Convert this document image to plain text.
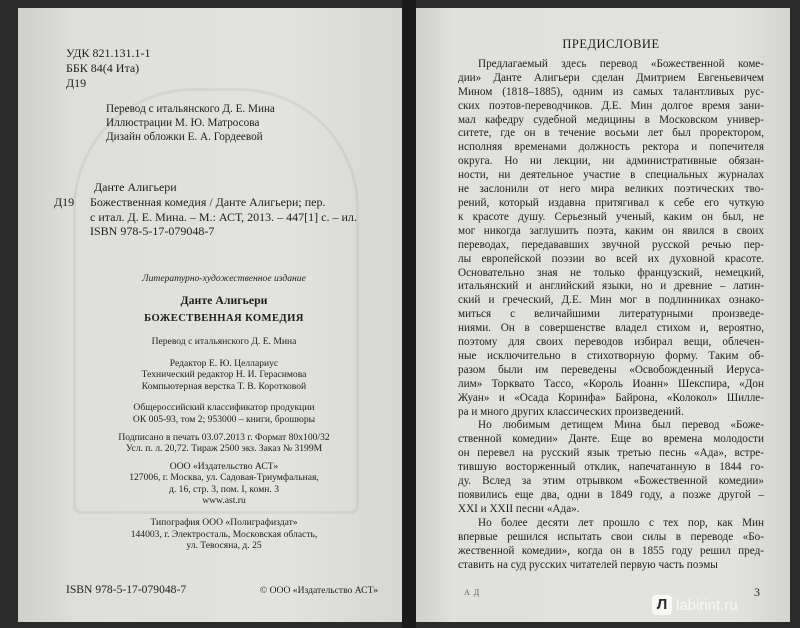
УДК 821.131.1-1
ББК 84(4 Ита)
Д19
Перевод с итальянского Д. Е. Мина
Иллюстрации М. Ю. Матросова
Дизайн обложки Е. А. Гордеевой
Данте Алигьери
Д19 Божественная комедия / Данте Алигьери; пер.
с итал. Д. Е. Мина. – М.: АСТ, 2013. – 447[1] с. – ил.
ISBN 978-5-17-079048-7
Литературно-художественное издание
Данте Алигьери
БОЖЕСТВЕННАЯ КОМЕДИЯ
Перевод с итальянского Д. Е. Мина
Редактор Е. Ю. Целлариус
Технический редактор Н. И. Герасимова
Компьютерная верстка Т. В. Коротковой
Общероссийский классификатор продукции
ОК 005-93, том 2; 953000 – книги, брошюры
Подписано в печать 03.07.2013 г. Формат 80x100/32
Усл. п. л. 20,72. Тираж 2500 экз. Заказ № 3199М
ООО «Издательство АСТ»
127006, г. Москва, ул. Садовая-Триумфальная,
д. 16, стр. 3, пом. I, комн. 3
www.ast.ru
Типография ООО «Полиграфиздат»
144003, г. Электросталь, Московская область,
ул. Тевосяна, д. 25
ISBN 978-5-17-079048-7	© ООО «Издательство АСТ»
ПРЕДИСЛОВИЕ
Предлагаемый здесь перевод «Божественной коме-
дии» Данте Алигьери сделан Дмитрием Евгеньевичем
Мином (1818–1885), одним из самых талантливых рус-
ских поэтов-переводчиков. Д.Е. Мин долгое время зани-
мал кафедру судебной медицины в Московском универ-
ситете, где он в течение восьми лет был проректором,
исполняя временами должность ректора и попечителя
округа. Но ни лекции, ни административные обязан-
ности, ни деятельное участие в специальных журналах
не заслонили от него мира великих поэтических тво-
рений, который издавна притягивал к себе его чуткую
к красоте душу. Серьезный ученый, каким он был, не
мог никогда заглушить поэта, каким он явился в своих
переводах, передававших звучной русской речью пер-
лы европейской поэзии во всей их духовной красоте.
Основательно зная не только французский, немецкий,
итальянский и английский языки, но и древние – латин-
ский и греческий, Д.Е. Мин мог в подлинниках ознако-
миться с величайшими литературными произведе-
ниями. Он в совершенстве владел стихом и, вероятно,
поэтому для своих переводов избирал вещи, облечен-
ные исключительно в стихотворную форму. Таким об-
разом были им переведены «Освобожденный Иеруса-
лим» Торквато Тассо, «Король Иоанн» Шекспира, «Дон
Жуан» и «Осада Коринфа» Байрона, «Колокол» Шилле-
ра и много других классических произведений.
Но любимым детищем Мина был перевод «Боже-
ственной комедии» Данте. Еще во времена молодости
он перевел на русский язык третью песнь «Ада», встре-
тившую восторженный отклик, напечатанную в 1844 го-
ду. Вслед за этим отрывком «Божественной комедии»
появились еще два, одни в 1849 году, а позже другой –
XXI и XXII песни «Ада».
Но более десяти лет прошло с тех пор, как Мин
впервые решился испытать свои силы в переводе «Бо-
жественной комедии», когда он в 1855 году решил пред-
ставить на суд русских читателей первую часть поэмы
А Д	3
Л labirint.ru
